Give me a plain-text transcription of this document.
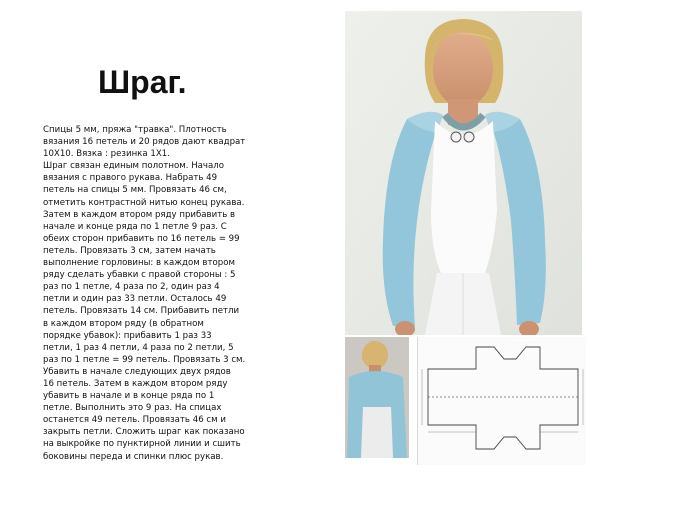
Шраг.
Спицы 5 мм, пряжа "травка". Плотность
вязания 16 петель и 20 рядов дают квадрат
10Х10. Вязка : резинка 1Х1.
Шраг связан единым полотном. Начало
вязания с правого рукава. Набрать 49
петель на спицы 5 мм. Провязать 46 см,
отметить контрастной нитью конец рукава.
Затем в каждом втором ряду прибавить в
начале и конце ряда по 1 петле 9 раз. С
обеих сторон прибавить по 16 петель = 99
петель. Провязать 3 см, затем начать
выполнение горловины: в каждом втором
ряду сделать убавки с правой стороны : 5
раз по 1 петле, 4 раза по 2, один раз 4
петли и один раз 33 петли. Осталось 49
петель. Провязать 14 см. Прибавить петли
в каждом втором ряду (в обратном
порядке убавок): прибавить 1 раз 33
петли, 1 раз 4 петли, 4 раза по 2 петли, 5
раз по 1 петле = 99 петель. Провязать 3 см.
Убавить в начале следующих двух рядов
16 петель. Затем в каждом втором ряду
убавить в начале и в конце ряда по 1
петле. Выполнить это 9 раз. На спицах
останется 49 петель. Провязать 46 см и
закрыть петли. Сложить шраг как показано
на выкройке по пунктирной линии и сшить
боковины переда и спинки плюс рукав.
